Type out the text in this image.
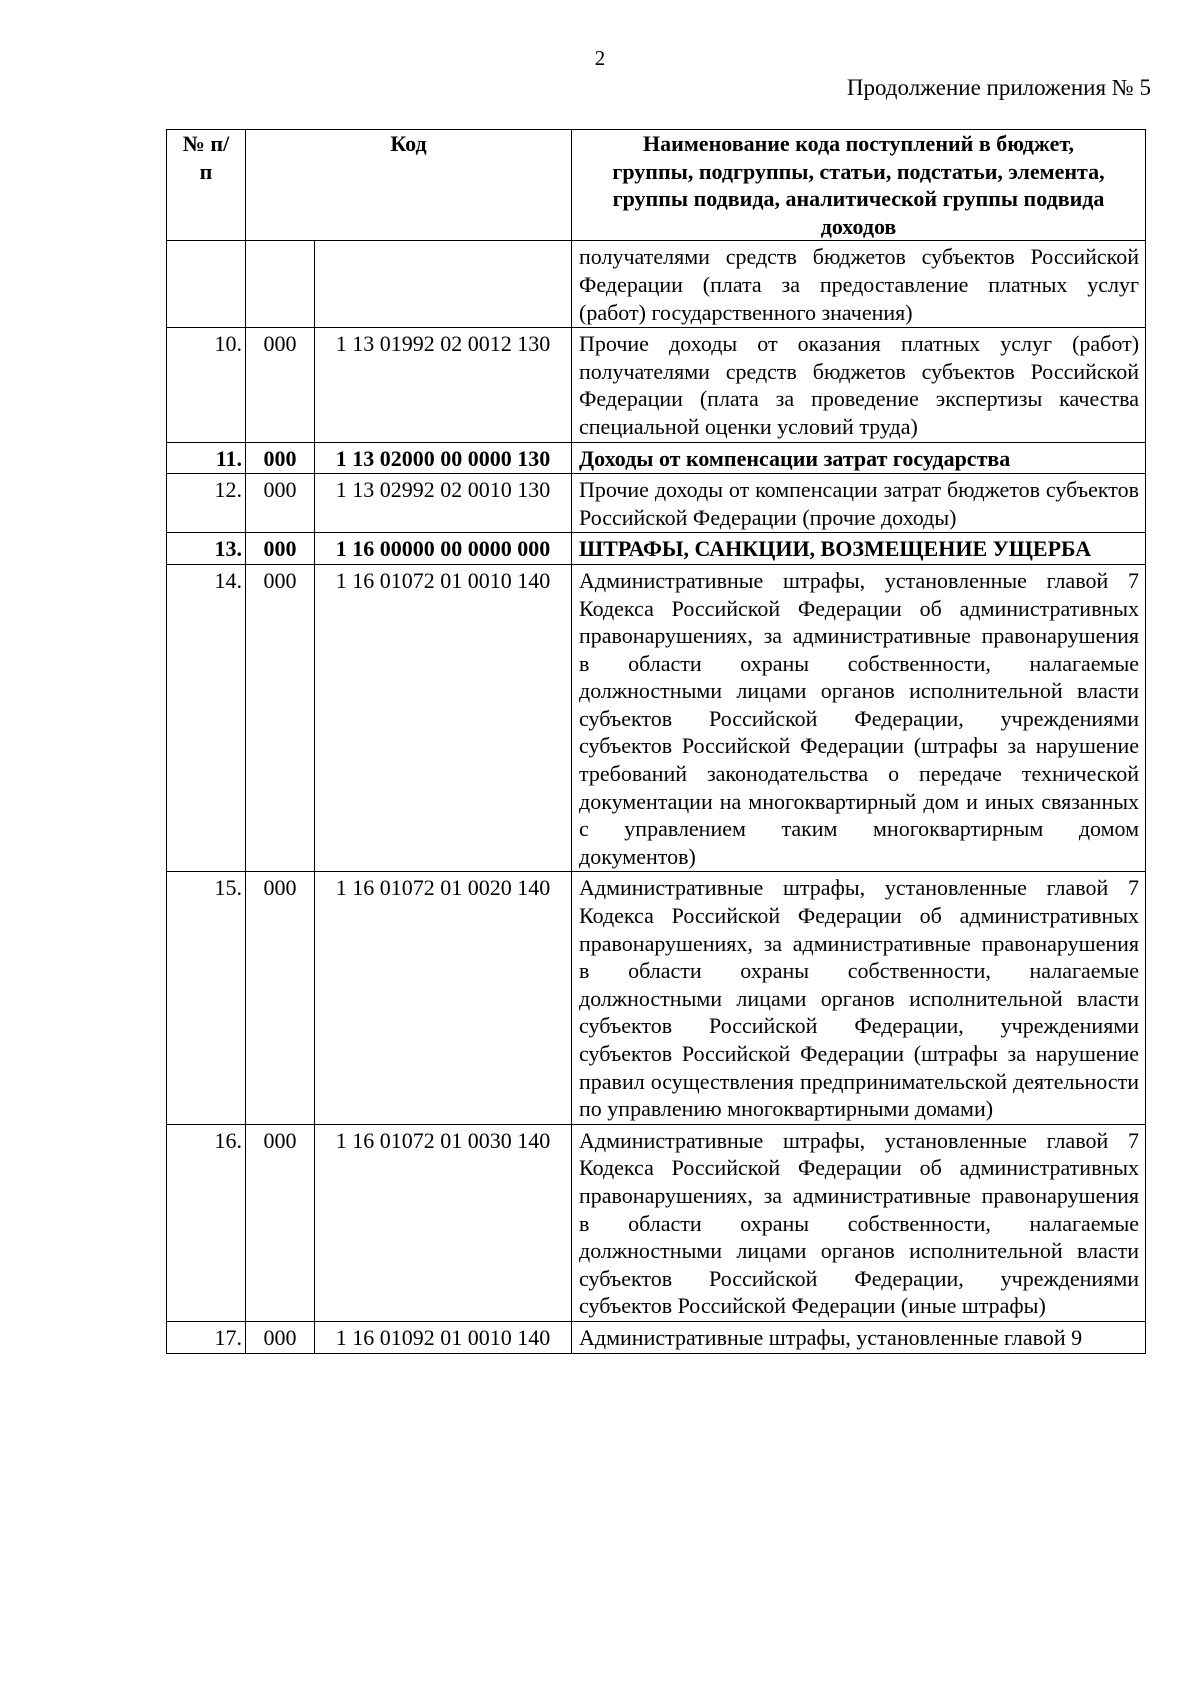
2
Продолжение приложения № 5
№ п/п	Код		Наименование кода поступлений в бюджет, группы, подгруппы, статьи, подстатьи, элемента, группы подвида, аналитической группы подвида доходов
			получателями средств бюджетов субъектов Российской Федерации (плата за предоставление платных услуг (работ) государственного значения)
10.	000	1 13 01992 02 0012 130	Прочие доходы от оказания платных услуг (работ) получателями средств бюджетов субъектов Российской Федерации (плата за проведение экспертизы качества специальной оценки условий труда)
11.	000	1 13 02000 00 0000 130	Доходы от компенсации затрат государства
12.	000	1 13 02992 02 0010 130	Прочие доходы от компенсации затрат бюджетов субъектов Российской Федерации (прочие доходы)
13.	000	1 16 00000 00 0000 000	ШТРАФЫ, САНКЦИИ, ВОЗМЕЩЕНИЕ УЩЕРБА
14.	000	1 16 01072 01 0010 140	Административные штрафы, установленные главой 7 Кодекса Российской Федерации об административных правонарушениях, за административные правонарушения в области охраны собственности, налагаемые должностными лицами органов исполнительной власти субъектов Российской Федерации, учреждениями субъектов Российской Федерации (штрафы за нарушение требований законодательства о передаче технической документации на многоквартирный дом и иных связанных с управлением таким многоквартирным домом документов)
15.	000	1 16 01072 01 0020 140	Административные штрафы, установленные главой 7 Кодекса Российской Федерации об административных правонарушениях, за административные правонарушения в области охраны собственности, налагаемые должностными лицами органов исполнительной власти субъектов Российской Федерации, учреждениями субъектов Российской Федерации (штрафы за нарушение правил осуществления предпринимательской деятельности по управлению многоквартирными домами)
16.	000	1 16 01072 01 0030 140	Административные штрафы, установленные главой 7 Кодекса Российской Федерации об административных правонарушениях, за административные правонарушения в области охраны собственности, налагаемые должностными лицами органов исполнительной власти субъектов Российской Федерации, учреждениями субъектов Российской Федерации (иные штрафы)
17.	000	1 16 01092 01 0010 140	Административные штрафы, установленные главой 9
